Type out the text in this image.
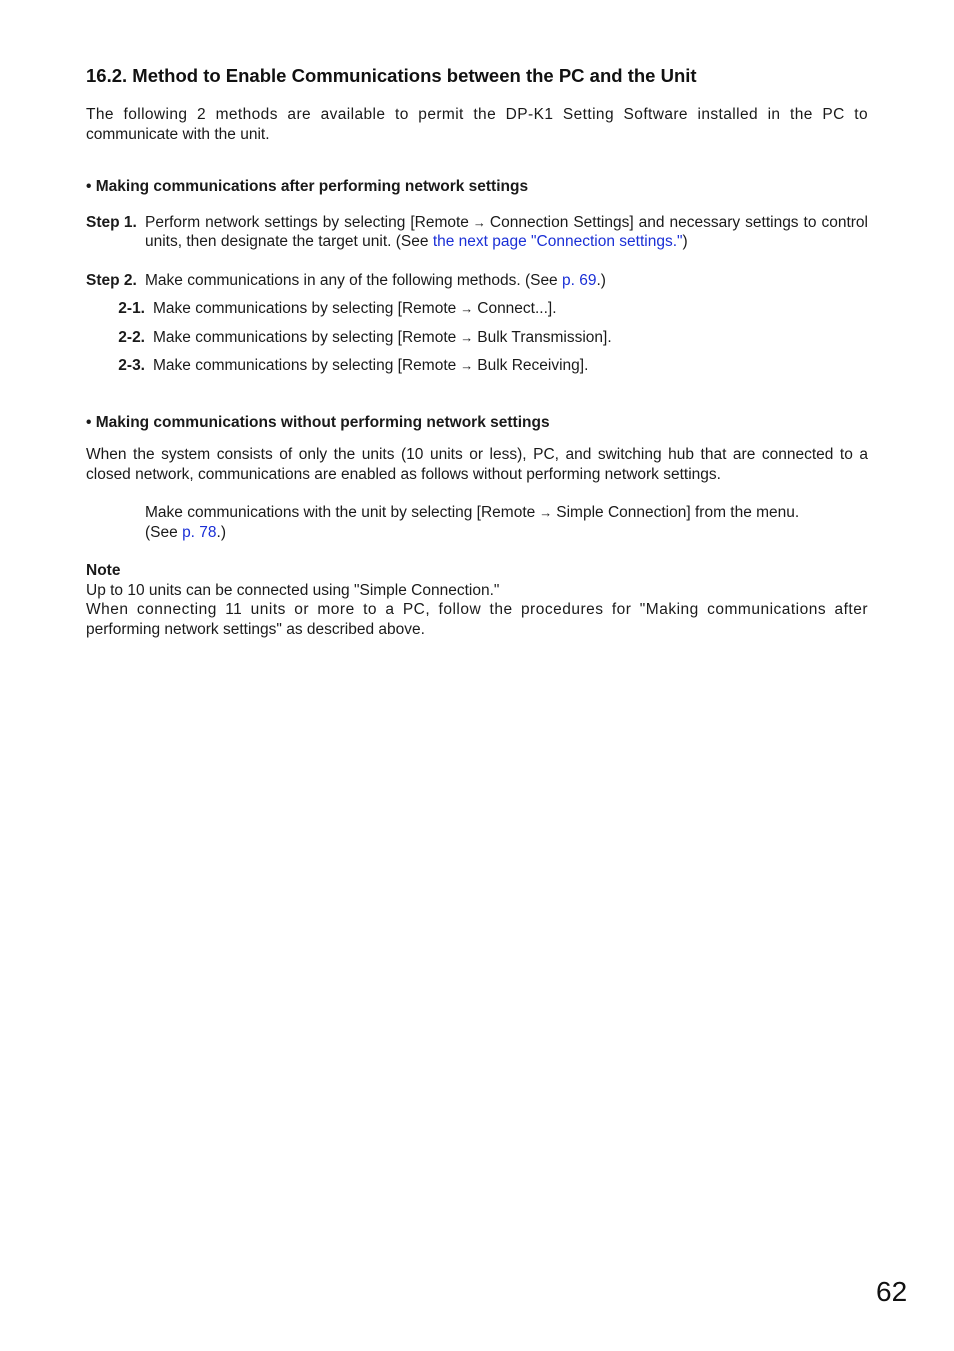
16.2. Method to Enable Communications between the PC and the Unit
The following 2 methods are available to permit the DP-K1 Setting Software installed in the PC to
communicate with the unit.
• Making communications after performing network settings
Step 1. Perform network settings by selecting [Remote → Connection Settings] and necessary settings to control units, then designate the target unit. (See the next page "Connection settings.")
Step 2. Make communications in any of the following methods. (See p. 69.)
2-1. Make communications by selecting [Remote → Connect...].
2-2. Make communications by selecting [Remote → Bulk Transmission].
2-3. Make communications by selecting [Remote → Bulk Receiving].
• Making communications without performing network settings
When the system consists of only the units (10 units or less), PC, and switching hub that are connected to a closed network, communications are enabled as follows without performing network settings.
Make communications with the unit by selecting [Remote → Simple Connection] from the menu.
(See p. 78.)
Note
Up to 10 units can be connected using "Simple Connection."
When connecting 11 units or more to a PC, follow the procedures for "Making communications after
performing network settings" as described above.
62
